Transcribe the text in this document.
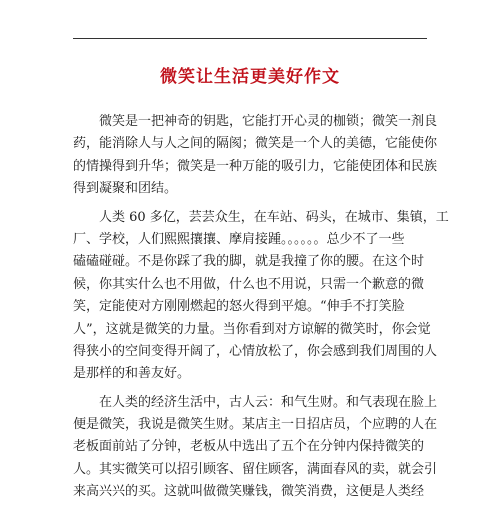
微笑让生活更美好作文
微笑是一把神奇的钥匙，它能打开心灵的枷锁；微笑一剂良
药，能消除人与人之间的隔阂；微笑是一个人的美德，它能使你
的情操得到升华；微笑是一种万能的吸引力，它能使团体和民族
得到凝聚和团结。
人类 60 多亿，芸芸众生，在车站、码头，在城市、集镇，工
厂、学校，人们熙熙攘攘、摩肩接踵。。。。。。总少不了一些
磕磕碰碰。不是你踩了我的脚，就是我撞了你的腰。在这个时
候，你其实什么也不用做，什么也不用说，只需一个歉意的微
笑，定能使对方刚刚燃起的怒火得到平熄。“伸手不打笑脸
人”，这就是微笑的力量。当你看到对方谅解的微笑时，你会觉
得狭小的空间变得开阔了，心情放松了，你会感到我们周围的人
是那样的和善友好。
在人类的经济生活中，古人云：和气生财。和气表现在脸上
便是微笑，我说是微笑生财。某店主一日招店员，个应聘的人在
老板面前站了分钟，老板从中选出了五个在分钟内保持微笑的
人。其实微笑可以招引顾客、留住顾客，满面春风的卖，就会引
来高兴兴的买。这就叫做微笑赚钱，微笑消费，这便是人类经
